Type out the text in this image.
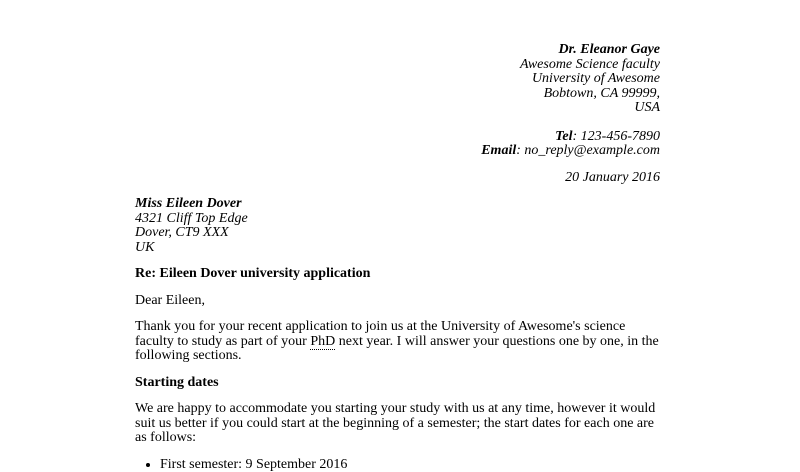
Dr. Eleanor Gaye
Awesome Science faculty
University of Awesome
Bobtown, CA 99999,
USA
Tel: 123-456-7890
Email: no_reply@example.com
20 January 2016
Miss Eileen Dover
4321 Cliff Top Edge
Dover, CT9 XXX
UK

Re: Eileen Dover university application

Dear Eileen,

Thank you for your recent application to join us at the University of Awesome's science faculty to study as part of your PhD next year. I will answer your questions one by one, in the following sections.

Starting dates

We are happy to accommodate you starting your study with us at any time, however it would suit us better if you could start at the beginning of a semester; the start dates for each one are as follows:

• First semester: 9 September 2016
